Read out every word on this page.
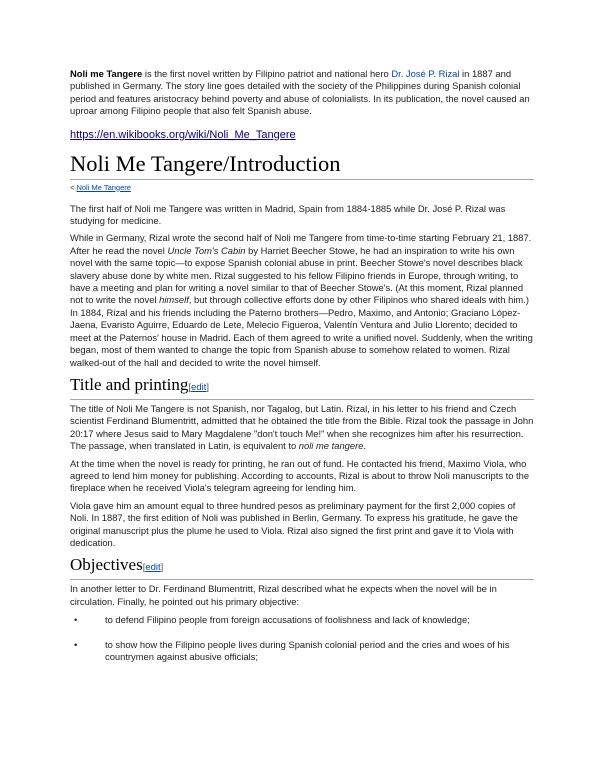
Noli me Tangere is the first novel written by Filipino patriot and national hero Dr. José P. Rizal in 1887 and published in Germany. The story line goes detailed with the society of the Philippines during Spanish colonial period and features aristocracy behind poverty and abuse of colonialists. In its publication, the novel caused an uproar among Filipino people that also felt Spanish abuse.

https://en.wikibooks.org/wiki/Noli_Me_Tangere
Noli Me Tangere/Introduction
< Noli Me Tangere

The first half of Noli me Tangere was written in Madrid, Spain from 1884-1885 while Dr. José P. Rizal was studying for medicine.

While in Germany, Rizal wrote the second half of Noli me Tangere from time-to-time starting February 21, 1887. After he read the novel Uncle Tom's Cabin by Harriet Beecher Stowe, he had an inspiration to write his own novel with the same topic—to expose Spanish colonial abuse in print. Beecher Stowe's novel describes black slavery abuse done by white men. Rizal suggested to his fellow Filipino friends in Europe, through writing, to have a meeting and plan for writing a novel similar to that of Beecher Stowe's. (At this moment, Rizal planned not to write the novel himself, but through collective efforts done by other Filipinos who shared ideals with him.) In 1884, Rizal and his friends including the Paterno brothers—Pedro, Maximo, and Antonio; Graciano López-Jaena, Evaristo Aguirre, Eduardo de Lete, Melecio Figueroa, Valentín Ventura and Julio Llorento; decided to meet at the Paternos' house in Madrid. Each of them agreed to write a unified novel. Suddenly, when the writing began, most of them wanted to change the topic from Spanish abuse to somehow related to women. Rizal walked-out of the hall and decided to write the novel himself.

Title and printing[edit]

The title of Noli Me Tangere is not Spanish, nor Tagalog, but Latin. Rizal, in his letter to his friend and Czech scientist Ferdinand Blumentritt, admitted that he obtained the title from the Bible. Rizal took the passage in John 20:17 where Jesus said to Mary Magdalene "don't touch Me!" when she recognizes him after his resurrection. The passage, when translated in Latin, is equivalent to noli me tangere.

At the time when the novel is ready for printing, he ran out of fund. He contacted his friend, Maximo Viola, who agreed to lend him money for publishing. According to accounts, Rizal is about to throw Noli manuscripts to the fireplace when he received Viola's telegram agreeing for lending him.

Viola gave him an amount equal to three hundred pesos as preliminary payment for the first 2,000 copies of Noli. In 1887, the first edition of Noli was published in Berlin, Germany. To express his gratitude, he gave the original manuscript plus the plume he used to Viola. Rizal also signed the first print and gave it to Viola with dedication.

Objectives[edit]

In another letter to Dr. Ferdinand Blumentritt, Rizal described what he expects when the novel will be in circulation. Finally, he pointed out his primary objective:

•	to defend Filipino people from foreign accusations of foolishness and lack of knowledge;
•	to show how the Filipino people lives during Spanish colonial period and the cries and woes of his countrymen against abusive officials;
